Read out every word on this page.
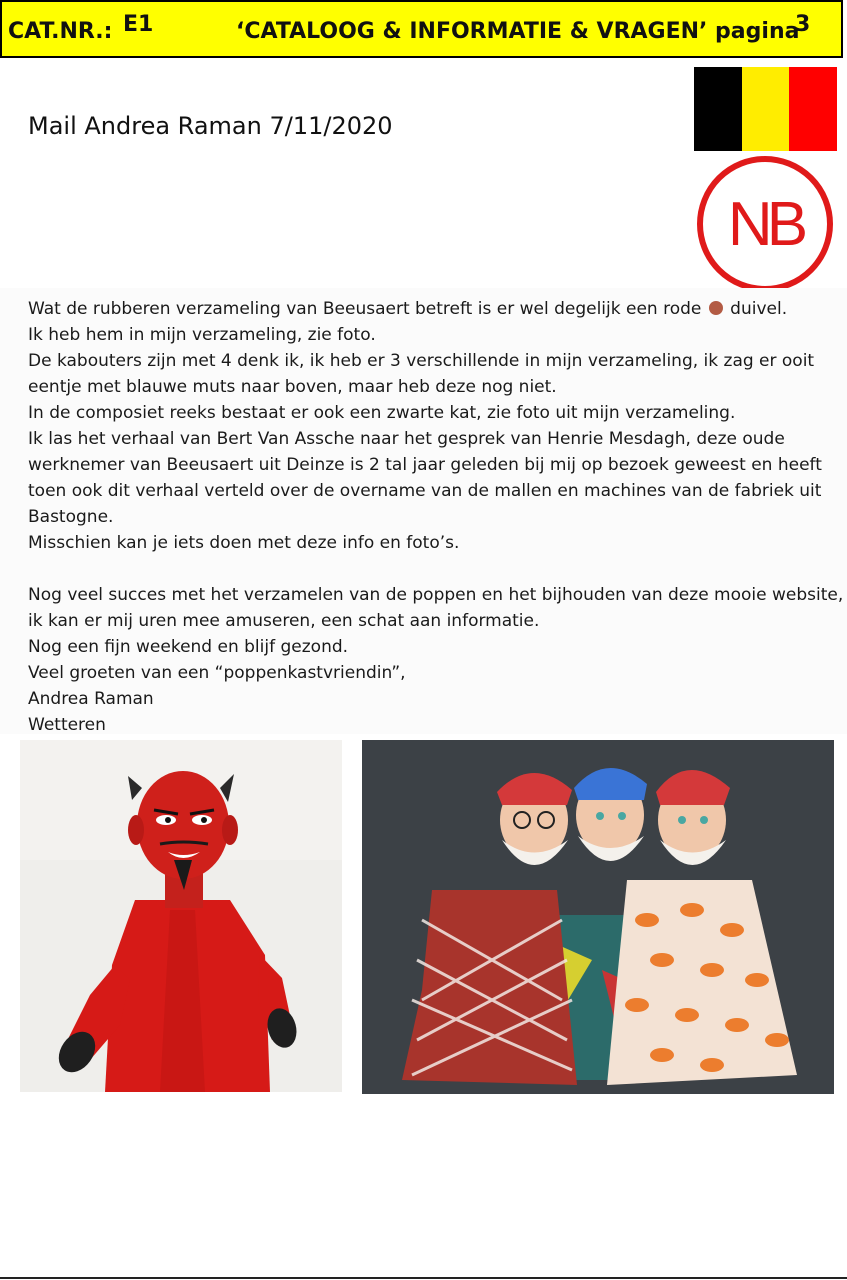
CAT.NR.: E1	‘CATALOOG & INFORMATIE & VRAGEN’ pagina
3
NB
Mail Andrea Raman 7/11/2020

Wat de rubberen verzameling van Beeusaert betreft is er wel degelijk een rode duivel.

Ik heb hem in mijn verzameling, zie foto.

De kabouters zijn met 4 denk ik, ik heb er 3 verschillende in mijn verzameling, ik zag er ooit

eentje met blauwe muts naar boven, maar heb deze nog niet.

In de composiet reeks bestaat er ook een zwarte kat, zie foto uit mijn verzameling.

Ik las het verhaal van Bert Van Assche naar het gesprek van Henrie Mesdagh, deze oude

werknemer van Beeusaert uit Deinze is 2 tal jaar geleden bij mij op bezoek geweest en heeft

toen ook dit verhaal verteld over de overname van de mallen en machines van de fabriek uit

Bastogne.

Misschien kan je iets doen met deze info en foto’s.

Nog veel succes met het verzamelen van de poppen en het bijhouden van deze mooie website,

ik kan er mij uren mee amuseren, een schat aan informatie.

Nog een fijn weekend en blijf gezond.

Veel groeten van een “poppenkastvriendin”,

Andrea Raman

Wetteren
